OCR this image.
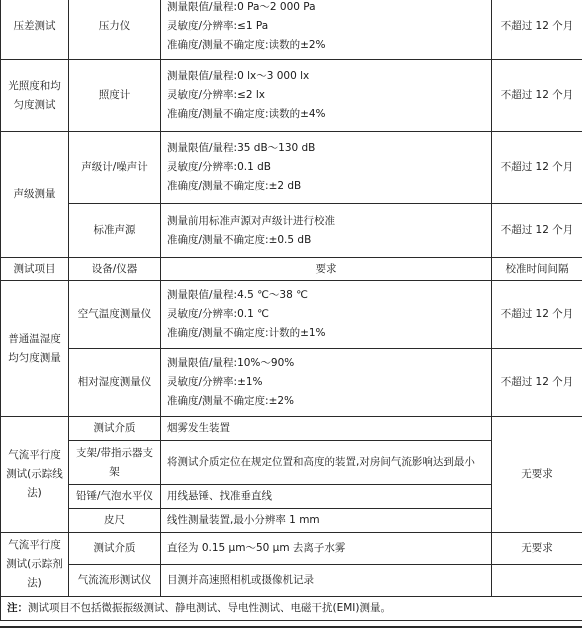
压差测试	压力仪	测量限值/量程:0 Pa～2 000 Pa
灵敏度/分辨率:≤1 Pa
准确度/测量不确定度:读数的±2%	不超过 12 个月
光照度和均匀度测试	照度计	测量限值/量程:0 lx～3 000 lx
灵敏度/分辨率:≤2 lx
准确度/测量不确定度:读数的±4%	不超过 12 个月
声级测量	声级计/噪声计	测量限值/量程:35 dB～130 dB
灵敏度/分辨率:0.1 dB
准确度/测量不确定度:±2 dB	不超过 12 个月
	标准声源	测量前用标准声源对声级计进行校准
准确度/测量不确定度:±0.5 dB	不超过 12 个月
测试项目	设备/仪器	要求	校准时间间隔
普通温湿度均匀度测量	空气温度测量仪	测量限值/量程:4.5 ℃～38 ℃
灵敏度/分辨率:0.1 ℃
准确度/测量不确定度:计数的±1%	不超过 12 个月
	相对湿度测量仪	测量限值/量程:10%～90%
灵敏度/分辨率:±1%
准确度/测量不确定度:±2%	不超过 12 个月
气流平行度测试(示踪线法)	测试介质	烟雾发生装置	无要求
	支架/带指示器支架	将测试介质定位在规定位置和高度的装置,对房间气流影响达到最小	
	铅锤/气泡水平仪	用线悬锤、找准垂直线	
	皮尺	线性测量装置,最小分辨率 1 mm	
气流平行度测试(示踪剂法)	测试介质	直径为 0.15 μm～50 μm 去离子水雾	无要求
	气流流形测试仪	目测并高速照相机或摄像机记录	
注：测试项目不包括微振振级测试、静电测试、导电性测试、电磁干扰(EMI)测量。			
